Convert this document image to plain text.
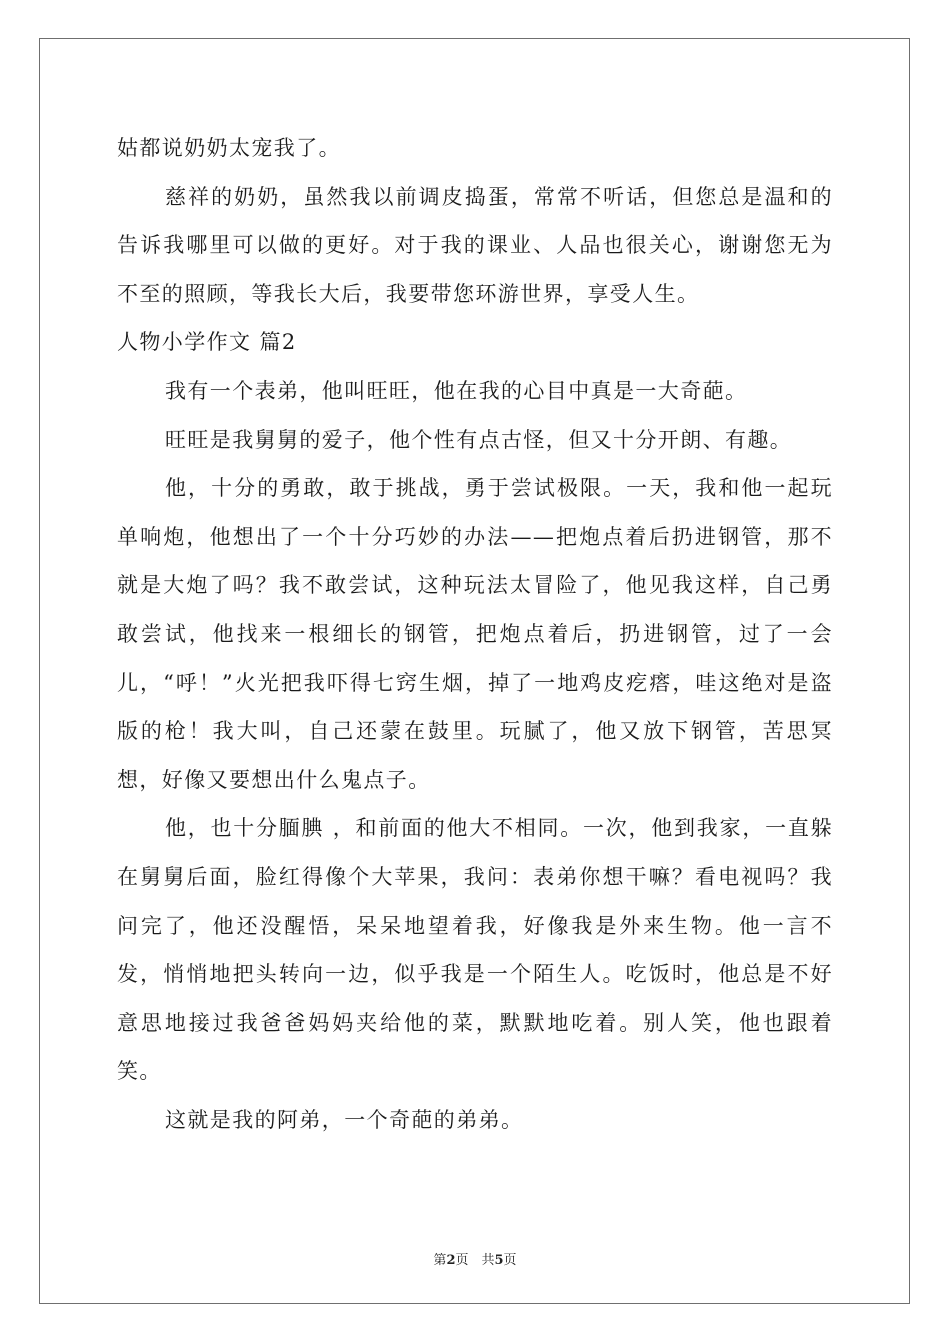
姑都说奶奶太宠我了。

慈祥的奶奶，虽然我以前调皮捣蛋，常常不听话，但您总是温和的告诉我哪里可以做的更好。对于我的课业、人品也很关心，谢谢您无为不至的照顾，等我长大后，我要带您环游世界，享受人生。

人物小学作文 篇2

我有一个表弟，他叫旺旺，他在我的心目中真是一大奇葩。

旺旺是我舅舅的爱子，他个性有点古怪，但又十分开朗、有趣。

他，十分的勇敢，敢于挑战，勇于尝试极限。一天，我和他一起玩单响炮，他想出了一个十分巧妙的办法——把炮点着后扔进钢管，那不就是大炮了吗？我不敢尝试，这种玩法太冒险了，他见我这样，自己勇敢尝试，他找来一根细长的钢管，把炮点着后，扔进钢管，过了一会儿，“呼！”火光把我吓得七窍生烟，掉了一地鸡皮疙瘩，哇这绝对是盗版的枪！我大叫，自己还蒙在鼓里。玩腻了，他又放下钢管，苦思冥想，好像又要想出什么鬼点子。

他，也十分腼腆 ，和前面的他大不相同。一次，他到我家，一直躲在舅舅后面，脸红得像个大苹果，我问：表弟你想干嘛？看电视吗？我问完了，他还没醒悟，呆呆地望着我，好像我是外来生物。他一言不发，悄悄地把头转向一边，似乎我是一个陌生人。吃饭时，他总是不好意思地接过我爸爸妈妈夹给他的菜，默默地吃着。别人笑，他也跟着笑。

这就是我的阿弟，一个奇葩的弟弟。

第2页　共5页
